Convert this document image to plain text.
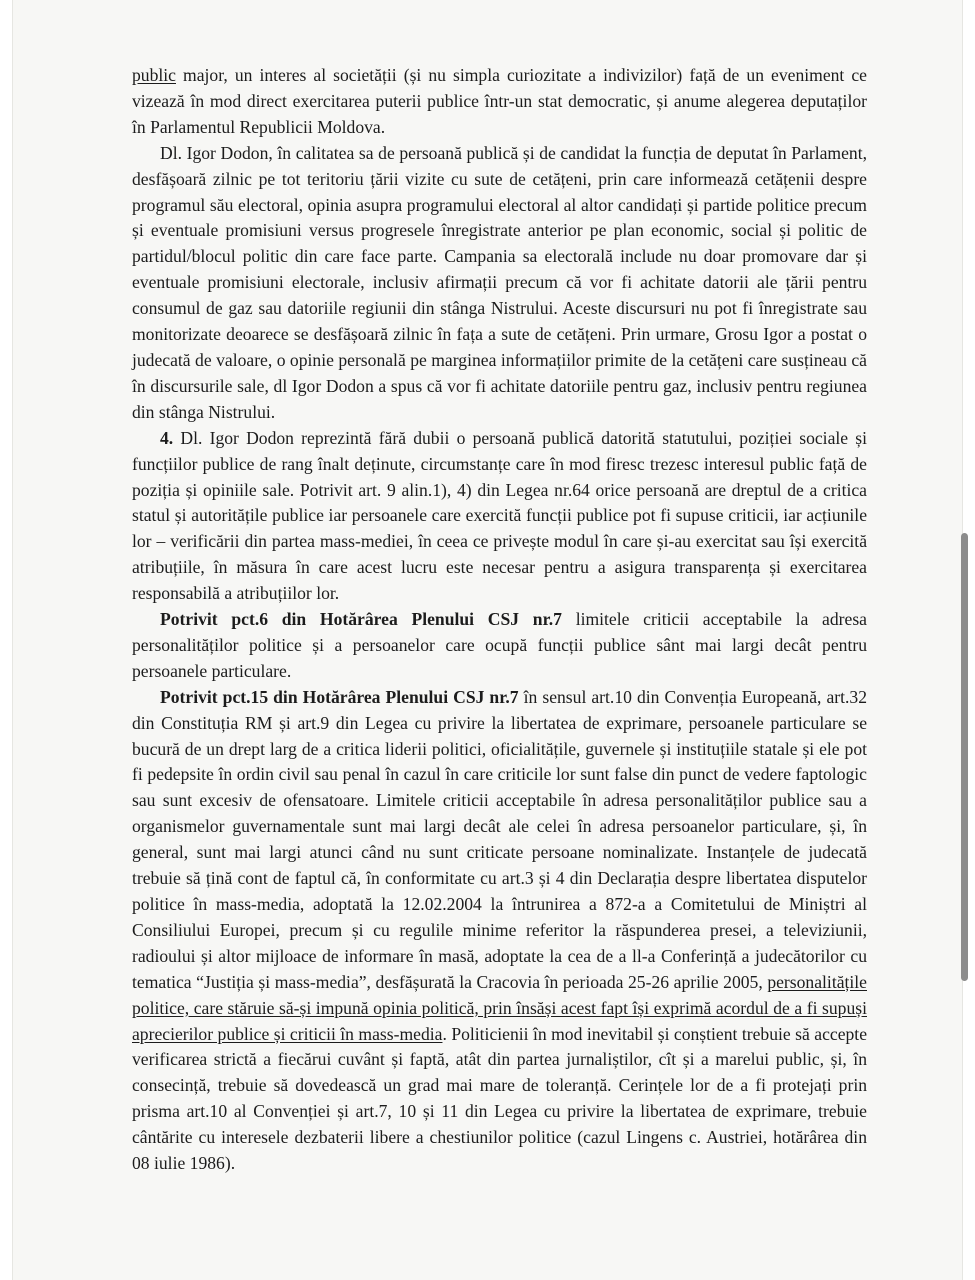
public major, un interes al societății (și nu simpla curiozitate a indivizilor) față de un eveniment ce vizează în mod direct exercitarea puterii publice într-un stat democratic, și anume alegerea deputaților în Parlamentul Republicii Moldova.

Dl. Igor Dodon, în calitatea sa de persoană publică și de candidat la funcția de deputat în Parlament, desfășoară zilnic pe tot teritoriu țării vizite cu sute de cetățeni, prin care informează cetățenii despre programul său electoral, opinia asupra programului electoral al altor candidați și partide politice precum și eventuale promisiuni versus progresele înregistrate anterior pe plan economic, social și politic de partidul/blocul politic din care face parte. Campania sa electorală include nu doar promovare dar și eventuale promisiuni electorale, inclusiv afirmații precum că vor fi achitate datorii ale țării pentru consumul de gaz sau datoriile regiunii din stânga Nistrului. Aceste discursuri nu pot fi înregistrate sau monitorizate deoarece se desfășoară zilnic în fața a sute de cetățeni. Prin urmare, Grosu Igor a postat o judecată de valoare, o opinie personală pe marginea informațiilor primite de la cetățeni care susțineau că în discursurile sale, dl Igor Dodon a spus că vor fi achitate datoriile pentru gaz, inclusiv pentru regiunea din stânga Nistrului.

4. Dl. Igor Dodon reprezintă fără dubii o persoană publică datorită statutului, poziției sociale și funcțiilor publice de rang înalt deținute, circumstanțe care în mod firesc trezesc interesul public față de poziția și opiniile sale. Potrivit art. 9 alin.1), 4) din Legea nr.64 orice persoană are dreptul de a critica statul și autoritățile publice iar persoanele care exercită funcții publice pot fi supuse criticii, iar acțiunile lor – verificării din partea mass-mediei, în ceea ce privește modul în care și-au exercitat sau își exercită atribuțiile, în măsura în care acest lucru este necesar pentru a asigura transparența și exercitarea responsabilă a atribuțiilor lor.

Potrivit pct.6 din Hotărârea Plenului CSJ nr.7 limitele criticii acceptabile la adresa personalităților politice și a persoanelor care ocupă funcții publice sânt mai largi decât pentru persoanele particulare.

Potrivit pct.15 din Hotărârea Plenului CSJ nr.7 în sensul art.10 din Convenția Europeană, art.32 din Constituția RM și art.9 din Legea cu privire la libertatea de exprimare, persoanele particulare se bucură de un drept larg de a critica liderii politici, oficialitățile, guvernele și instituțiile statale și ele pot fi pedepsite în ordin civil sau penal în cazul în care criticile lor sunt false din punct de vedere faptologic sau sunt excesiv de ofensatoare. Limitele criticii acceptabile în adresa personalităților publice sau a organismelor guvernamentale sunt mai largi decât ale celei în adresa persoanelor particulare, și, în general, sunt mai largi atunci când nu sunt criticate persoane nominalizate. Instanțele de judecată trebuie să țină cont de faptul că, în conformitate cu art.3 și 4 din Declarația despre libertatea disputelor politice în mass-media, adoptată la 12.02.2004 la întrunirea a 872-a a Comitetului de Miniștri al Consiliului Europei, precum și cu regulile minime referitor la răspunderea presei, a televiziunii, radioului și altor mijloace de informare în masă, adoptate la cea de a ll-a Conferință a judecătorilor cu tematica “Justiția și mass-media”, desfășurată la Cracovia în perioada 25-26 aprilie 2005, personalitățile politice, care stăruie să-și impună opinia politică, prin însăși acest fapt își exprimă acordul de a fi supuși aprecierilor publice și criticii în mass-media. Politicienii în mod inevitabil și conștient trebuie să accepte verificarea strictă a fiecărui cuvânt și faptă, atât din partea jurnaliștilor, cît și a marelui public, și, în consecință, trebuie să dovedească un grad mai mare de toleranță. Cerințele lor de a fi protejați prin prisma art.10 al Convenției și art.7, 10 și 11 din Legea cu privire la libertatea de exprimare, trebuie cântărite cu interesele dezbaterii libere a chestiunilor politice (cazul Lingens c. Austriei, hotărârea din 08 iulie 1986).
